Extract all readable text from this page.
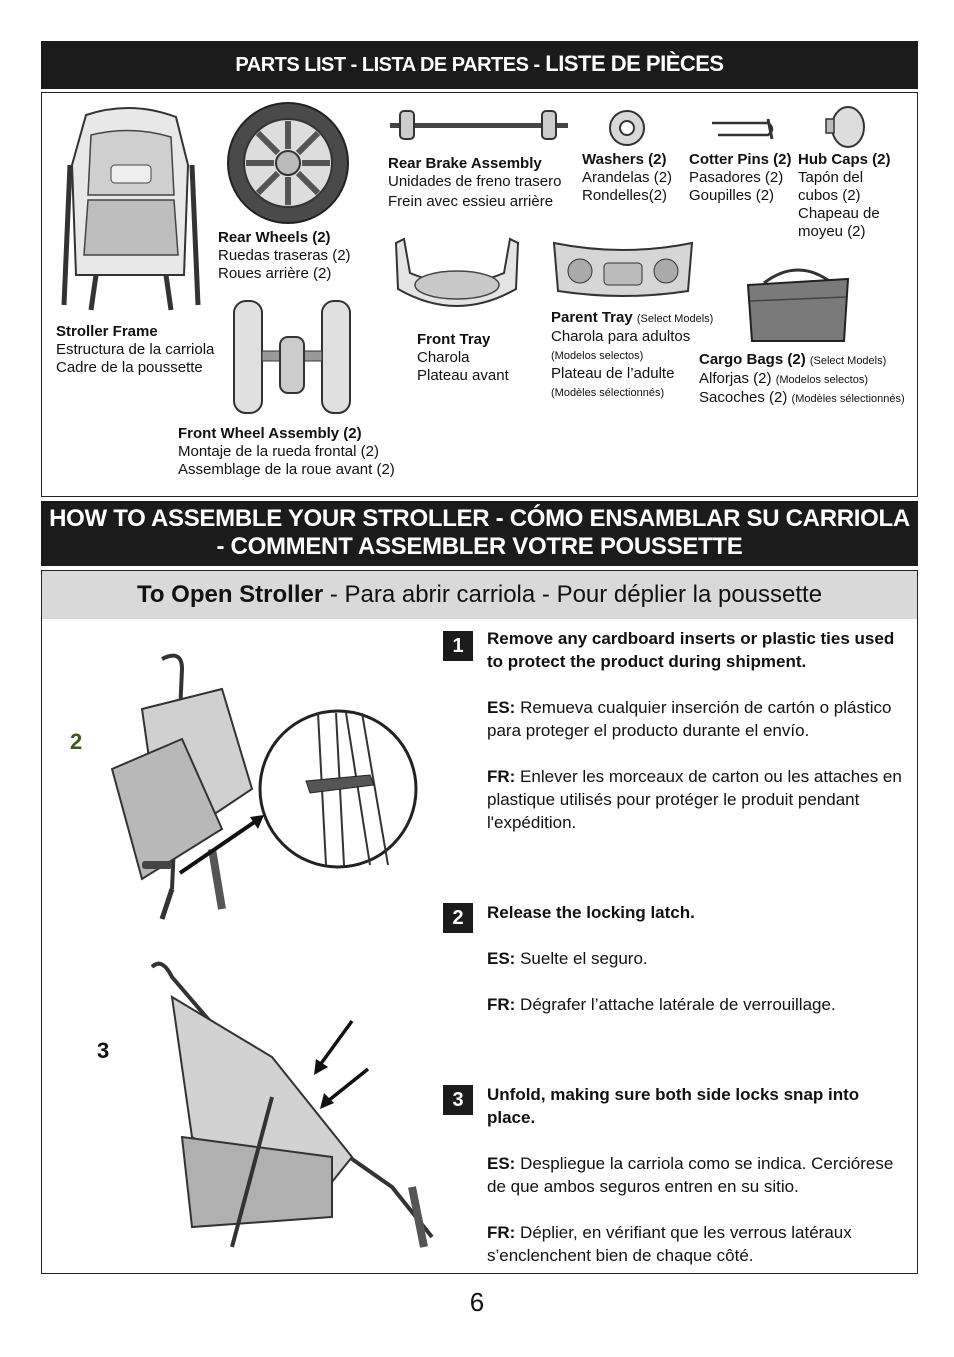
PARTS LIST - LISTA DE PARTES - LISTE DE PIÈCES
Stroller Frame
Estructura de la carriola
Cadre de la poussette
Rear Wheels (2)
Ruedas traseras (2)
Roues arrière (2)
Rear Brake Assembly
Unidades de freno trasero
Frein avec essieu arrière
Washers (2)
Arandelas (2)
Rondelles(2)
Cotter Pins (2)
Pasadores (2)
Goupilles (2)
Hub Caps (2)
Tapón del
cubos (2)
Chapeau de
moyeu (2)
Front Tray
Charola
Plateau avant
Parent Tray (Select Models)
Charola para adultos
(Modelos selectos)
Plateau de l’adulte
(Modèles sélectionnés)
Cargo Bags (2) (Select Models)
Alforjas (2) (Modelos selectos)
Sacoches (2) (Modèles sélectionnés)
Front Wheel Assembly (2)
Montaje de la rueda frontal (2)
Assemblage de la roue avant (2)
HOW TO ASSEMBLE YOUR STROLLER - CÓMO ENSAMBLAR SU CARRIOLA
- COMMENT ASSEMBLER VOTRE POUSSETTE
To Open Stroller - Para abrir carriola - Pour déplier la poussette
2
3
1	Remove any cardboard inserts or plastic ties used to protect the product during shipment.

ES: Remueva cualquier inserción de cartón o plástico para proteger el producto durante el envío.

FR: Enlever les morceaux de carton ou les attaches en plastique utilisés pour protéger le produit pendant l'expédition.

2	Release the locking latch.

ES: Suelte el seguro.

FR: Dégrafer l’attache latérale de verrouillage.

3	Unfold, making sure both side locks snap into place.

ES: Despliegue la carriola como se indica. Cerciórese de que ambos seguros entren en su sitio.

FR: Déplier, en vérifiant que les verrous latéraux s’enclenchent bien de chaque côté.

6
